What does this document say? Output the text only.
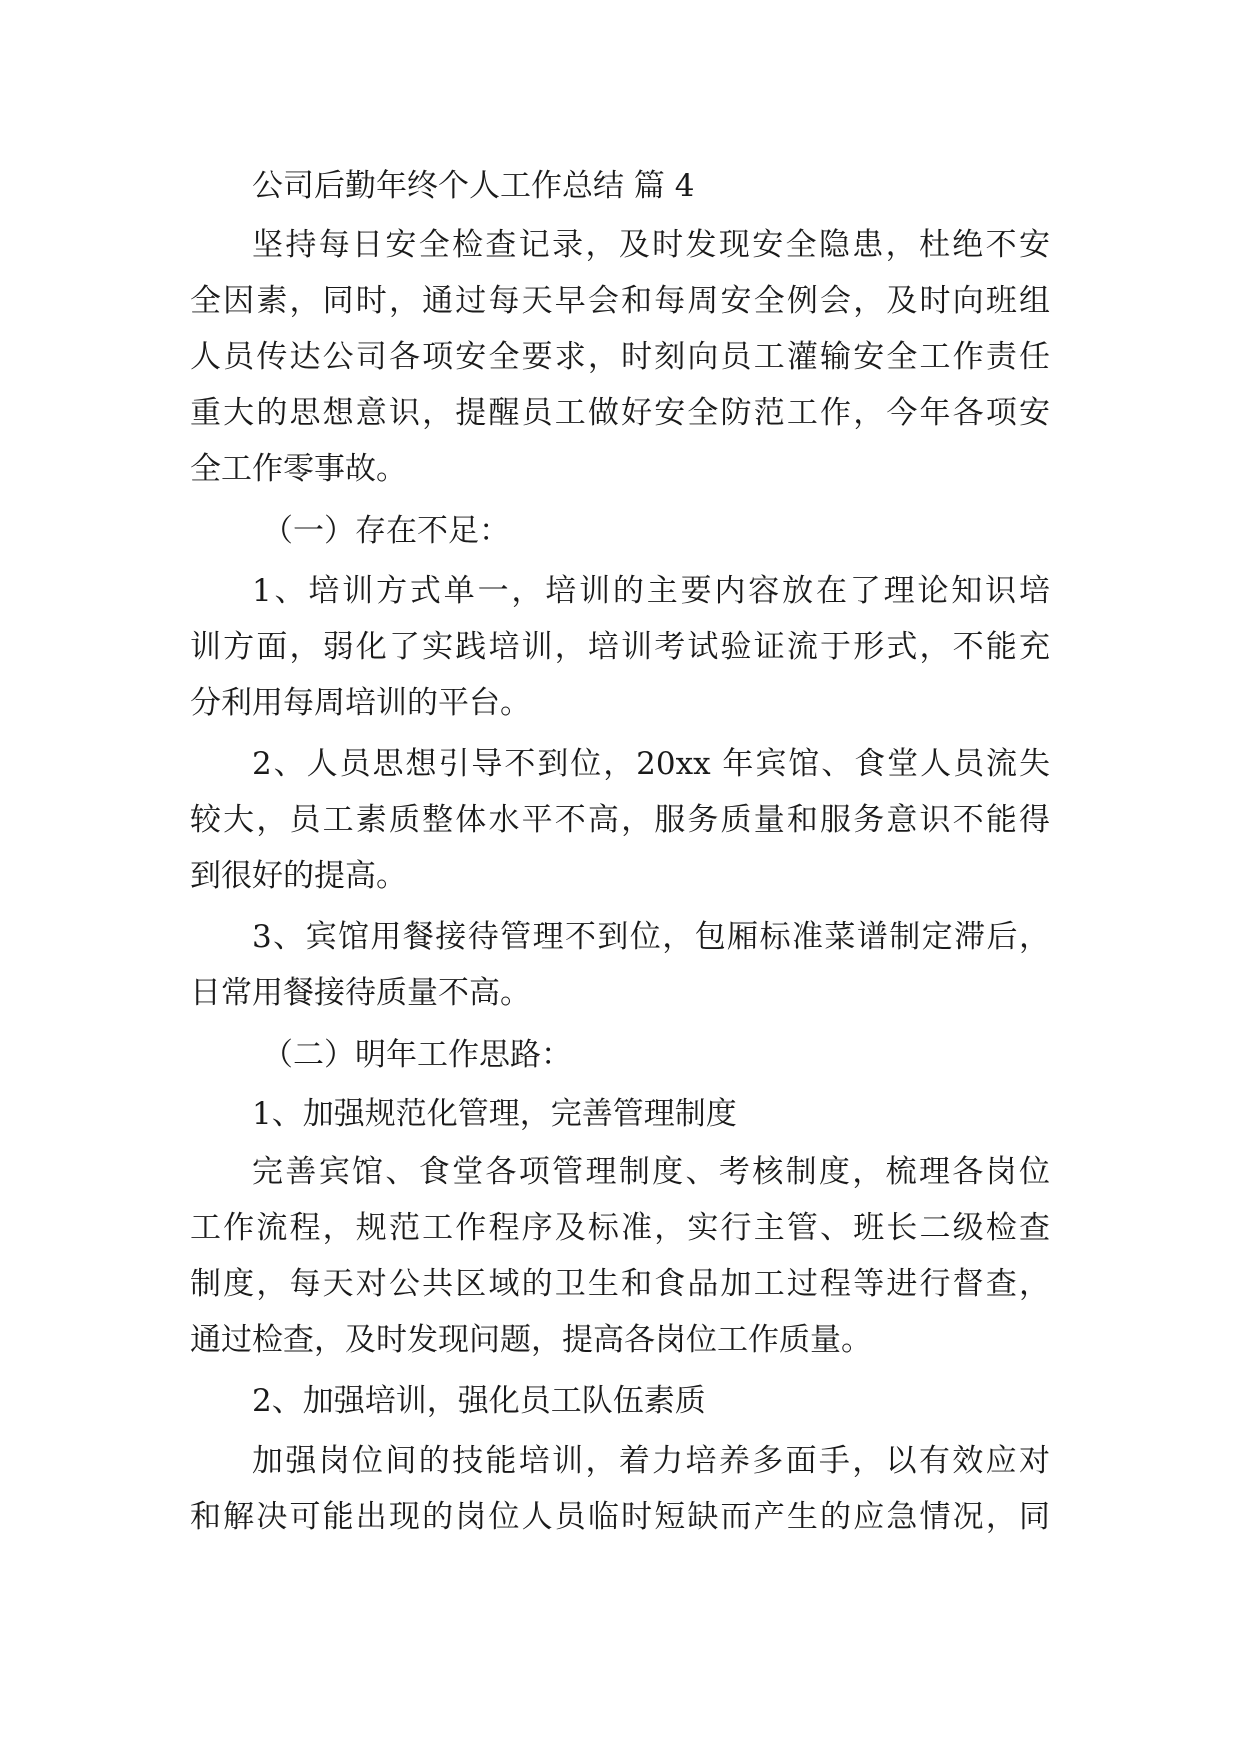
公司后勤年终个人工作总结 篇 4
坚持每日安全检查记录，及时发现安全隐患，杜绝不安
全因素，同时，通过每天早会和每周安全例会，及时向班组
人员传达公司各项安全要求，时刻向员工灌输安全工作责任
重大的思想意识，提醒员工做好安全防范工作，今年各项安
全工作零事故。
（一）存在不足：
1、培训方式单一，培训的主要内容放在了理论知识培
训方面，弱化了实践培训，培训考试验证流于形式，不能充
分利用每周培训的平台。
2、人员思想引导不到位，20xx 年宾馆、食堂人员流失
较大，员工素质整体水平不高，服务质量和服务意识不能得
到很好的提高。
3、宾馆用餐接待管理不到位，包厢标准菜谱制定滞后，
日常用餐接待质量不高。
（二）明年工作思路：
1、加强规范化管理，完善管理制度
完善宾馆、食堂各项管理制度、考核制度，梳理各岗位
工作流程，规范工作程序及标准，实行主管、班长二级检查
制度，每天对公共区域的卫生和食品加工过程等进行督查，
通过检查，及时发现问题，提高各岗位工作质量。
2、加强培训，强化员工队伍素质
加强岗位间的技能培训，着力培养多面手，以有效应对
和解决可能出现的岗位人员临时短缺而产生的应急情况，同
